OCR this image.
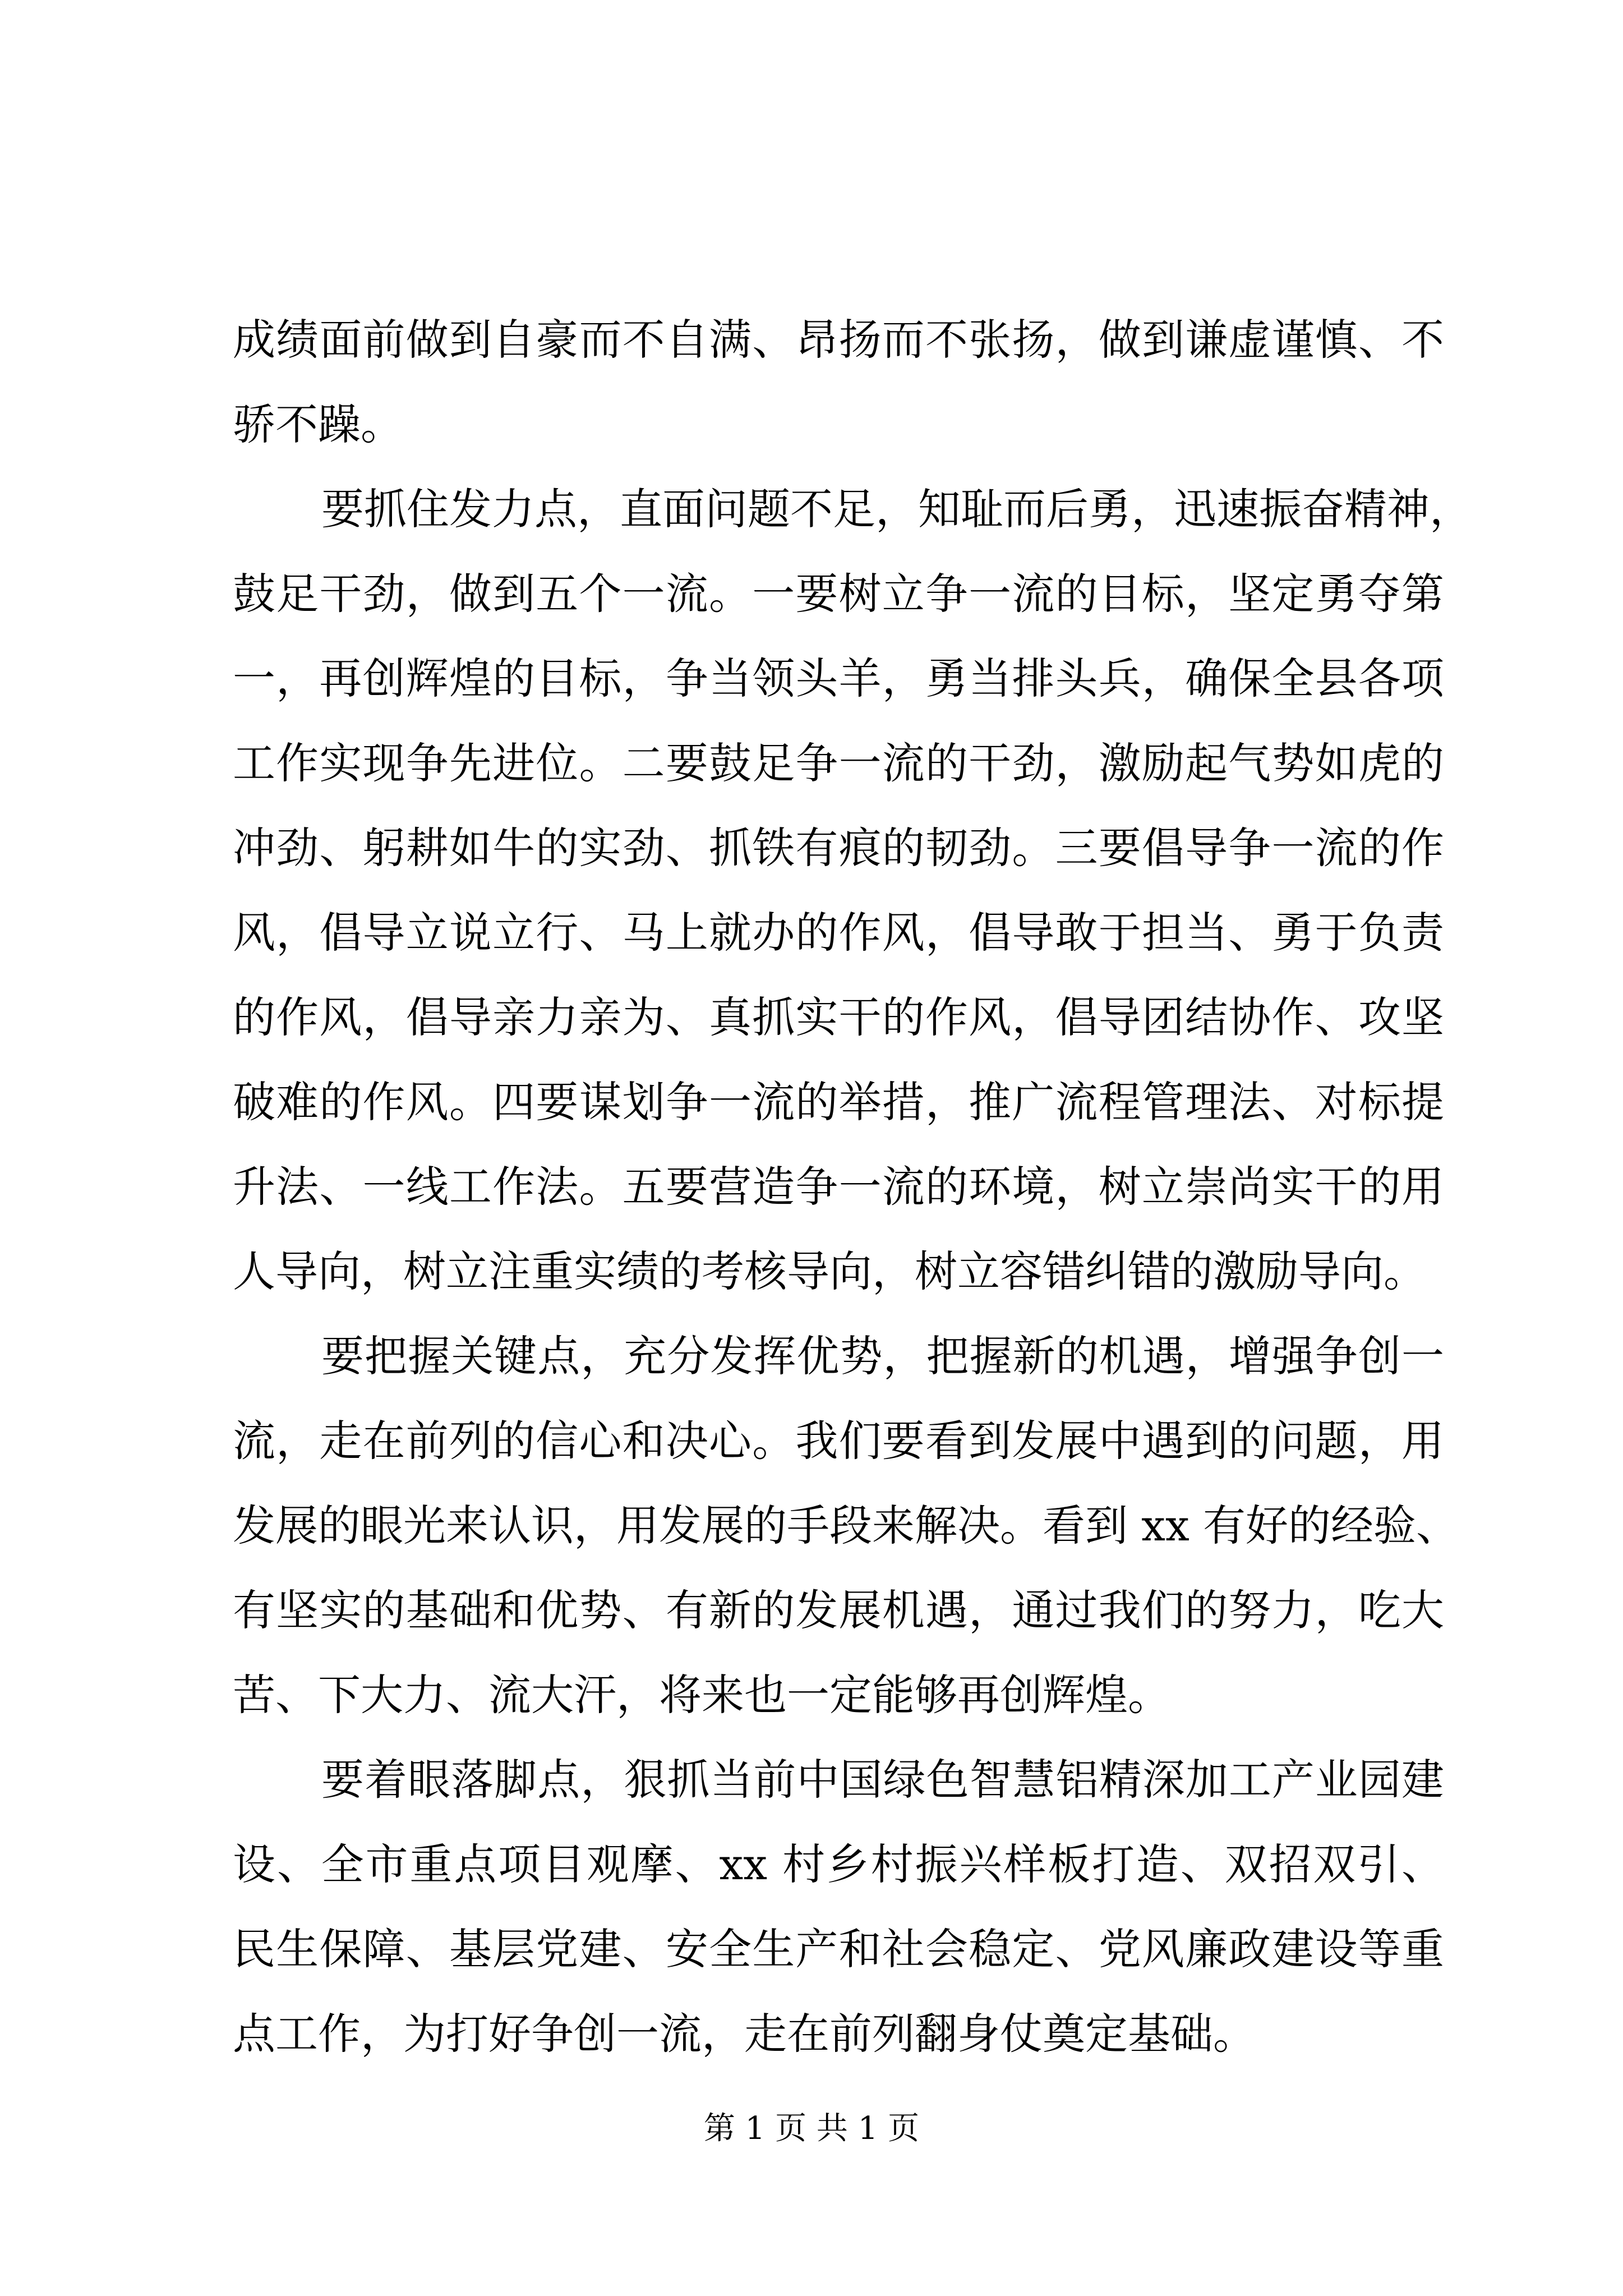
成绩面前做到自豪而不自满、昂扬而不张扬，做到谦虚谨慎、不
骄不躁。
要抓住发力点，直面问题不足，知耻而后勇，迅速振奋精神，
鼓足干劲，做到五个一流。一要树立争一流的目标，坚定勇夺第
一，再创辉煌的目标，争当领头羊，勇当排头兵，确保全县各项
工作实现争先进位。二要鼓足争一流的干劲，激励起气势如虎的
冲劲、躬耕如牛的实劲、抓铁有痕的韧劲。三要倡导争一流的作
风，倡导立说立行、马上就办的作风，倡导敢于担当、勇于负责
的作风，倡导亲力亲为、真抓实干的作风，倡导团结协作、攻坚
破难的作风。四要谋划争一流的举措，推广流程管理法、对标提
升法、一线工作法。五要营造争一流的环境，树立崇尚实干的用
人导向，树立注重实绩的考核导向，树立容错纠错的激励导向。
要把握关键点，充分发挥优势，把握新的机遇，增强争创一
流，走在前列的信心和决心。我们要看到发展中遇到的问题，用
发展的眼光来认识，用发展的手段来解决。看到 xx 有好的经验、
有坚实的基础和优势、有新的发展机遇，通过我们的努力，吃大
苦、下大力、流大汗，将来也一定能够再创辉煌。
要着眼落脚点，狠抓当前中国绿色智慧铝精深加工产业园建
设、全市重点项目观摩、xx 村乡村振兴样板打造、双招双引、
民生保障、基层党建、安全生产和社会稳定、党风廉政建设等重
点工作，为打好争创一流，走在前列翻身仗奠定基础。
第 1 页 共 1 页
